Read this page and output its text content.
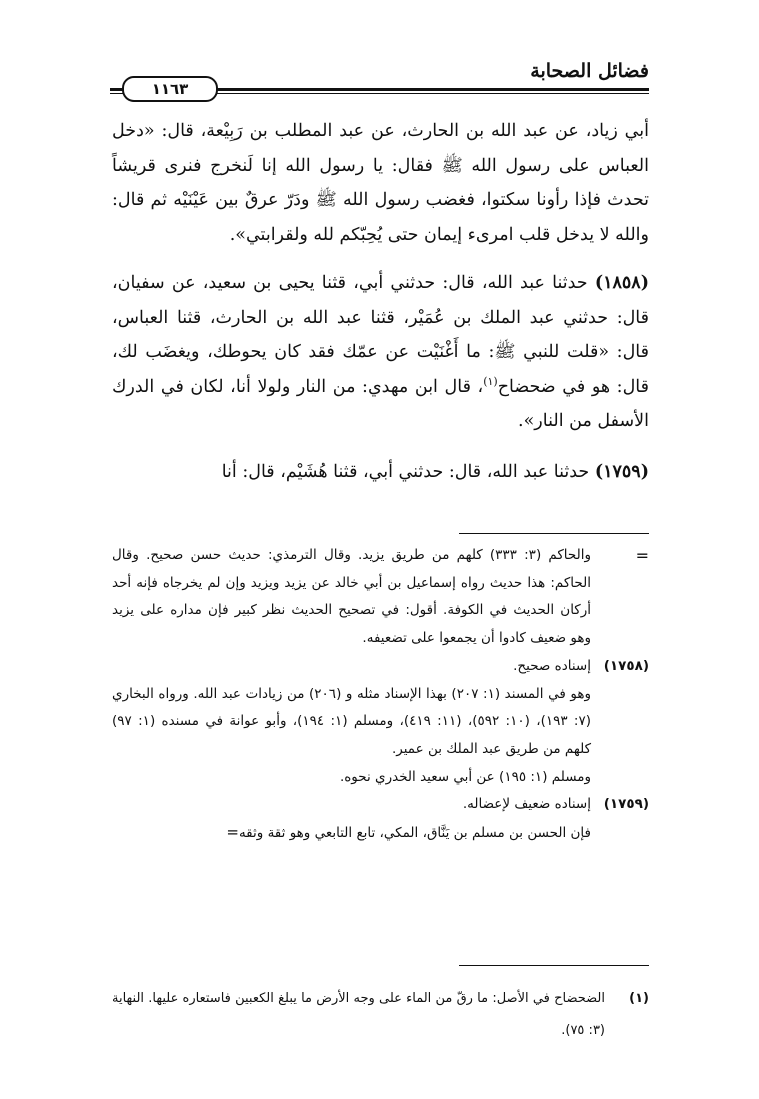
فضائل الصحابة
١١٦٣

أبي زياد، عن عبد الله بن الحارث، عن عبد المطلب بن رَبِيْعة، قال: «دخل العباس على رسول الله ﷺ فقال: يا رسول الله إنا لَنخرج فنرى قريشاً تحدث فإذا رأونا سكتوا، فغضب رسول الله ﷺ ودَرّ عرقٌ بين عَيْنَيْه ثم قال: والله لا يدخل قلب امرىء إيمان حتى يُحِبّكم لله ولقرابتي».

(١٨٥٨) حدثنا عبد الله، قال: حدثني أبي، قثنا يحيى بن سعيد، عن سفيان، قال: حدثني عبد الملك بن عُمَيْر، قثنا عبد الله بن الحارث، قثنا العباس، قال: «قلت للنبي ﷺ: ما أَغْنَيْت عن عمّك فقد كان يحوطك، ويغضَب لك، قال: هو في ضحضاح$^{(١)}$، قال ابن مهدي: من النار ولولا أنا، لكان في الدرك الأسفل من النار».

(١٧٥٩) حدثنا عبد الله، قال: حدثني أبي، قثنا هُشَيْم، قال: أنا

=

والحاكم (٣: ٣٣٣) كلهم من طريق يزيد. وقال الترمذي: حديث حسن صحيح. وقال الحاكم: هذا حديث رواه إسماعيل بن أبي خالد عن يزيد ويزيد وإن لم يخرجاه فإنه أحد أركان الحديث في الكوفة. أقول: في تصحيح الحديث نظر كبير فإن مداره على يزيد وهو ضعيف كادوا أن يجمعوا على تضعيفه.

(١٧٥٨)

إسناده صحيح.

وهو في المسند (١: ٢٠٧) بهذا الإسناد مثله و (٢٠٦) من زيادات عبد الله. ورواه البخاري (٧: ١٩٣)، (١٠: ٥٩٢)، (١١: ٤١٩)، ومسلم (١: ١٩٤)، وأبو عوانة في مسنده (١: ٩٧) كلهم من طريق عبد الملك بن عمير.

ومسلم (١: ١٩٥) عن أبي سعيد الخدري نحوه.

(١٧٥٩)

إسناده ضعيف لإعضاله.

فإن الحسن بن مسلم بن يَنَّاق، المكي، تابع التابعي وهو ثقة وثقه=

(١)

الضحضاح في الأصل: ما رقّ من الماء على وجه الأرض ما يبلغ الكعبين فاستعاره عليها. النهاية (٣: ٧٥).
